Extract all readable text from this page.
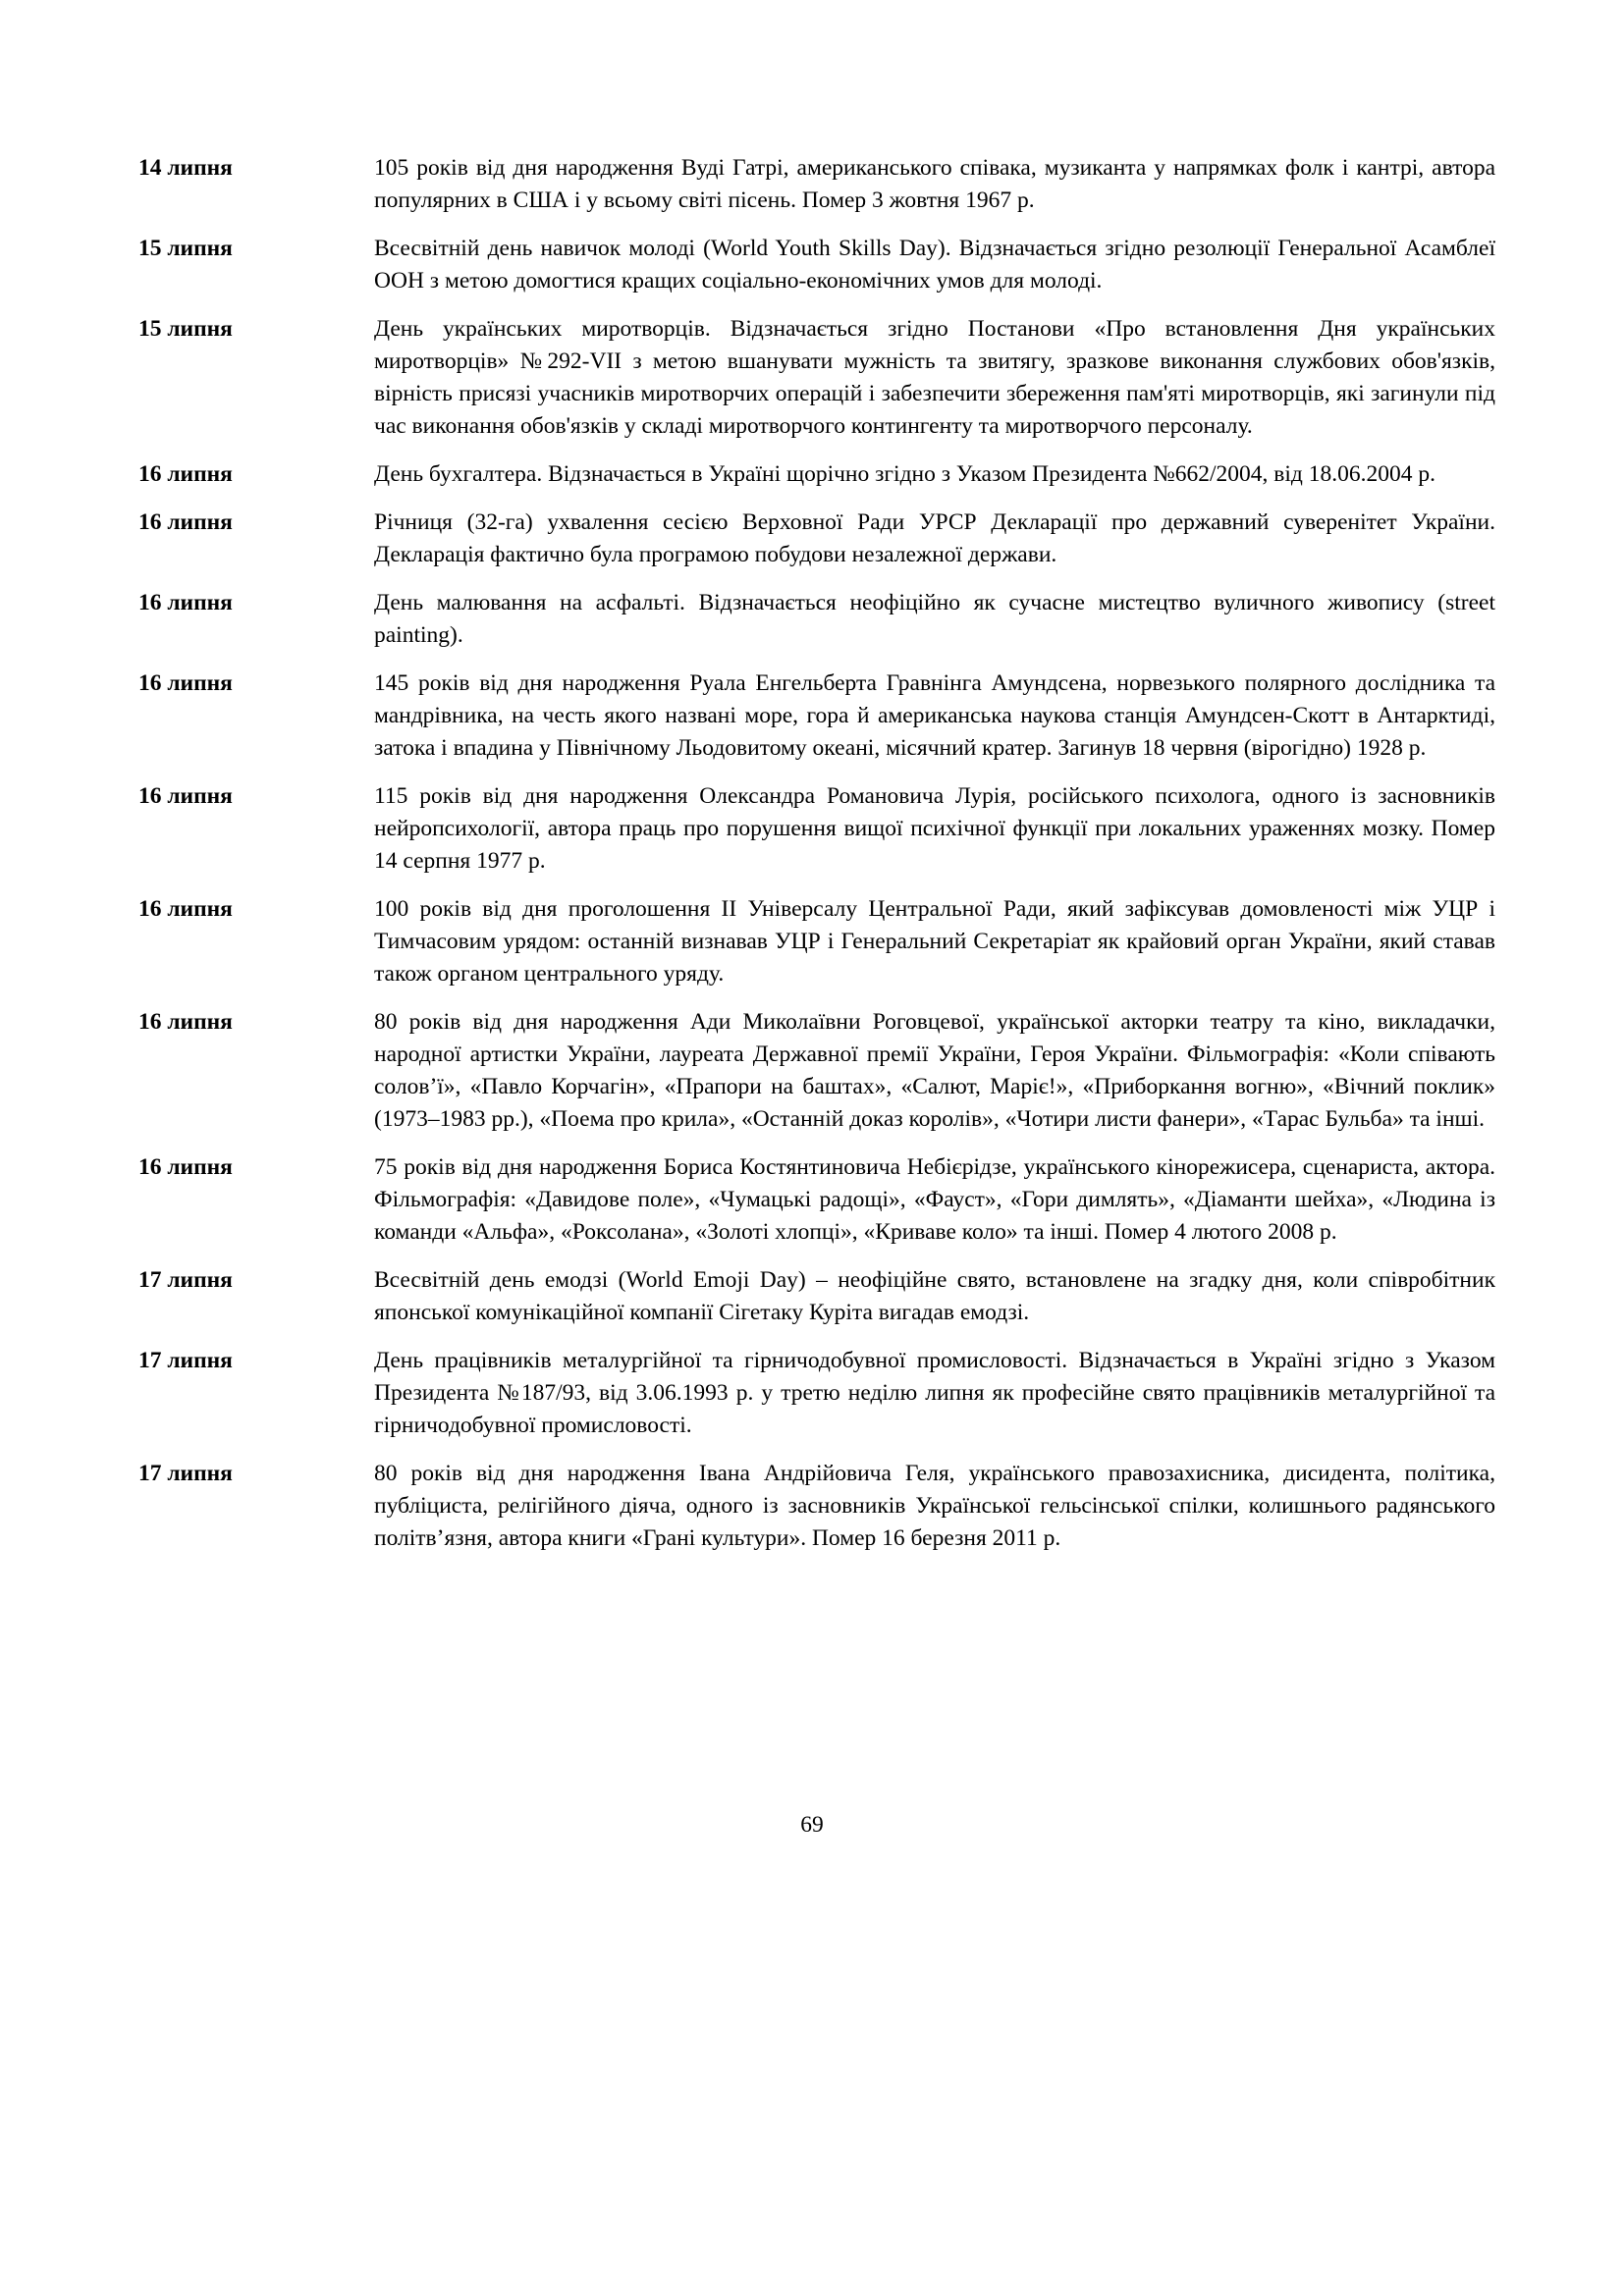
14 липня	105 років від дня народження Вуді Гатрі, американського співака, музиканта у напрямках фолк і кантрі, автора популярних в США і у всьому світі пісень. Помер 3 жовтня 1967 р.
15 липня	Всесвітній день навичок молоді (World Youth Skills Day). Відзначається згідно резолюції Генеральної Асамблеї ООН з метою домогтися кращих соціально-економічних умов для молоді.
15 липня	День українських миротворців. Відзначається згідно Постанови «Про встановлення Дня українських миротворців» №292-VII з метою вшанувати мужність та звитягу, зразкове виконання службових обов'язків, вірність присязі учасників миротворчих операцій і забезпечити збереження пам'яті миротворців, які загинули під час виконання обов'язків у складі миротворчого контингенту та миротворчого персоналу.
16 липня	День бухгалтера. Відзначається в Україні щорічно згідно з Указом Президента №662/2004, від 18.06.2004 р.
16 липня	Річниця (32-га) ухвалення сесією Верховної Ради УРСР Декларації про державний суверенітет України. Декларація фактично була програмою побудови незалежної держави.
16 липня	День малювання на асфальті. Відзначається неофіційно як сучасне мистецтво вуличного живопису (street painting).
16 липня	145 років від дня народження Руала Енгельберта Гравнінга Амундсена, норвезького полярного дослідника та мандрівника, на честь якого названі море, гора й американська наукова станція Амундсен-Скотт в Антарктиді, затока і впадина у Північному Льодовитому океані, місячний кратер. Загинув 18 червня (вірогідно) 1928 р.
16 липня	115 років від дня народження Олександра Романовича Лурія, російського психолога, одного із засновників нейропсихології, автора праць про порушення вищої психічної функції при локальних ураженнях мозку. Помер 14 серпня 1977 р.
16 липня	100 років від дня проголошення II Універсалу Центральної Ради, який зафіксував домовленості між УЦР і Тимчасовим урядом: останній визнавав УЦР і Генеральний Секретаріат як крайовий орган України, який ставав також органом центрального уряду.
16 липня	80 років від дня народження Ади Миколаївни Роговцевої, української акторки театру та кіно, викладачки, народної артистки України, лауреата Державної премії України, Героя України. Фільмографія: «Коли співають солов’ї», «Павло Корчагін», «Прапори на баштах», «Салют, Маріє!», «Приборкання вогню», «Вічний поклик» (1973–1983 рр.), «Поема про крила», «Останній доказ королів», «Чотири листи фанери», «Тарас Бульба» та інші.
16 липня	75 років від дня народження Бориса Костянтиновича Небієрідзе, українського кінорежисера, сценариста, актора. Фільмографія: «Давидове поле», «Чумацькі радощі», «Фауст», «Гори димлять», «Діаманти шейха», «Людина із команди «Альфа», «Роксолана», «Золоті хлопці», «Криваве коло» та інші. Помер 4 лютого 2008 р.
17 липня	Всесвітній день емодзі (World Emoji Day) – неофіційне свято, встановлене на згадку дня, коли співробітник японської комунікаційної компанії Сігетаку Куріта вигадав емодзі.
17 липня	День працівників металургійної та гірничодобувної промисловості. Відзначається в Україні згідно з Указом Президента №187/93, від 3.06.1993 р. у третю неділю липня як професійне свято працівників металургійної та гірничодобувної промисловості.
17 липня	80 років від дня народження Івана Андрійовича Геля, українського правозахисника, дисидента, політика, публіциста, релігійного діяча, одного із засновників Української гельсінської спілки, колишнього радянського політв’язня, автора книги «Грані культури». Помер 16 березня 2011 р.
69
